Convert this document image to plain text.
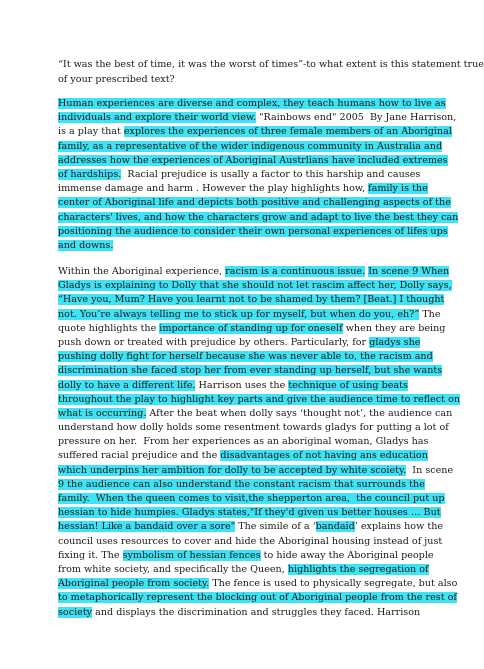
“It was the best of time, it was the worst of times”-to what extent is this statement true
of your prescribed text?
Human experiences are diverse and complex, they teach humans how to live as
individuals and explore their world view. "Rainbows end" 2005  By Jane Harrison,
is a play that explores the experiences of three female members of an Aboriginal
family, as a representative of the wider indigenous community in Australia and
addresses how the experiences of Aboriginal Austrlians have included extremes
of hardships.  Racial prejudice is usally a factor to this harship and causes
immense damage and harm . However the play highlights how, family is the
center of Aboriginal life and depicts both positive and challenging aspects of the
characters' lives, and how the characters grow and adapt to live the best they can
positioning the audience to consider their own personal experiences of lifes ups
and downs.
Within the Aboriginal experience, racism is a continuous issue. In scene 9 When
Gladys is explaining to Dolly that she should not let rascim affect her, Dolly says,
“Have you, Mum? Have you learnt not to be shamed by them? [Beat.] I thought
not. You’re always telling me to stick up for myself, but when do you, eh?” The
quote highlights the importance of standing up for oneself when they are being
push down or treated with prejudice by others. Particularly, for gladys she
pushing dolly fight for herself because she was never able to, the racism and
discrimination she faced stop her from ever standing up herself, but she wants
dolly to have a different life. Harrison uses the technique of using beats
throughout the play to highlight key parts and give the audience time to reflect on
what is occurring. After the beat when dolly says ‘thought not’, the audience can
understand how dolly holds some resentment towards gladys for putting a lot of
pressure on her.  From her experiences as an aboriginal woman, Gladys has
suffered racial prejudice and the disadvantages of not having ans education
which underpins her ambition for dolly to be accepted by white scoiety.  In scene
9 the audience can also understand the constant racism that surrounds the
family.  When the queen comes to visit,the shepperton area,  the council put up
hessian to hide humpies. Gladys states,"If they'd given us better houses … But
hessian! Like a bandaid over a sore" The simile of a ‘bandaid’ explains how the
council uses resources to cover and hide the Aboriginal housing instead of just
fixing it. The symbolism of hessian fences to hide away the Aboriginal people
from white society, and specifically the Queen, highlights the segregation of
Aboriginal people from society. The fence is used to physically segregate, but also
to metaphorically represent the blocking out of Aboriginal people from the rest of
society and displays the discrimination and struggles they faced. Harrison
